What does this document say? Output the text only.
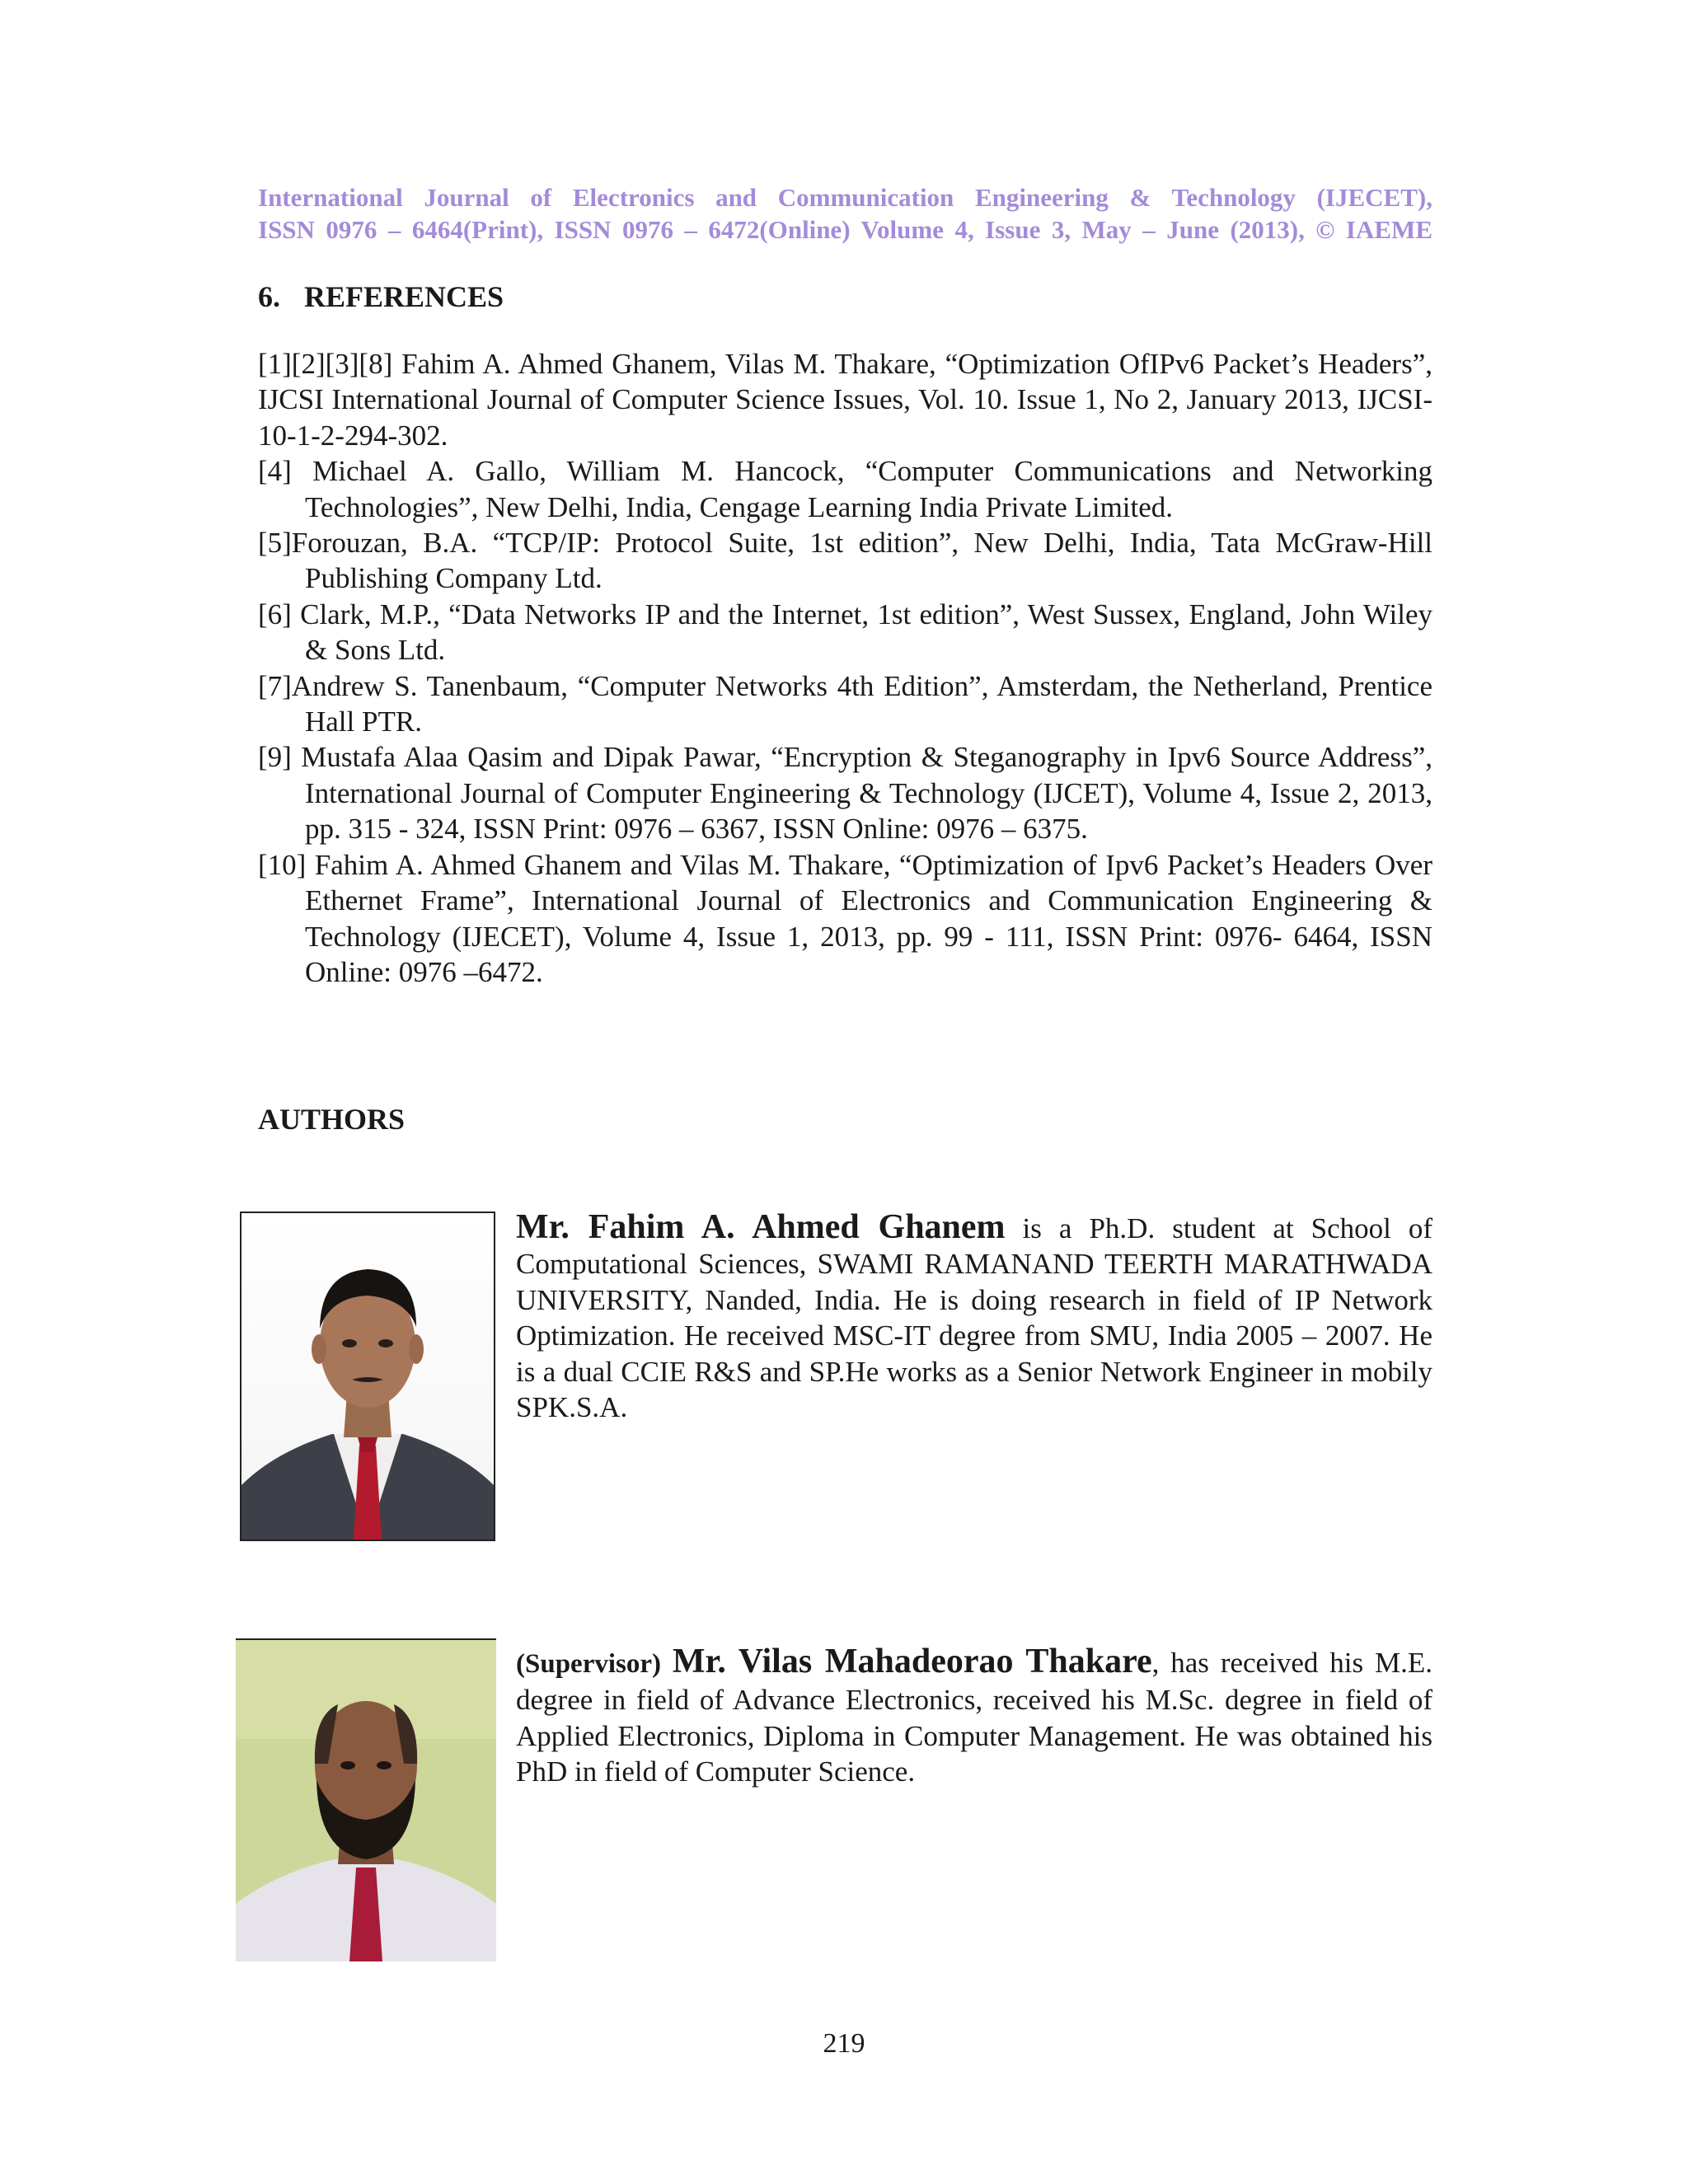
International Journal of Electronics and Communication Engineering & Technology (IJECET),
ISSN 0976 – 6464(Print), ISSN 0976 – 6472(Online) Volume 4, Issue 3, May – June (2013), © IAEME
6. REFERENCES
[1][2][3][8] Fahim A. Ahmed Ghanem, Vilas M. Thakare, “Optimization OfIPv6 Packet’s Headers”, IJCSI International Journal of Computer Science Issues, Vol. 10. Issue 1, No 2, January 2013, IJCSI-10-1-2-294-302.
[4] Michael A. Gallo, William M. Hancock, “Computer Communications and Networking Technologies”, New Delhi, India, Cengage Learning India Private Limited.
[5]Forouzan, B.A. “TCP/IP: Protocol Suite, 1st edition”, New Delhi, India, Tata McGraw-Hill Publishing Company Ltd.
[6] Clark, M.P., “Data Networks IP and the Internet, 1st edition”, West Sussex, England, John Wiley & Sons Ltd.
[7]Andrew S. Tanenbaum, “Computer Networks 4th Edition”, Amsterdam, the Netherland, Prentice Hall PTR.
[9] Mustafa Alaa Qasim and Dipak Pawar, “Encryption & Steganography in Ipv6 Source Address”, International Journal of Computer Engineering & Technology (IJCET), Volume 4, Issue 2, 2013, pp. 315 - 324, ISSN Print: 0976 – 6367, ISSN Online: 0976 – 6375.
[10] Fahim A. Ahmed Ghanem and Vilas M. Thakare, “Optimization of Ipv6 Packet’s Headers Over Ethernet Frame”, International Journal of Electronics and Communication Engineering & Technology (IJECET), Volume 4, Issue 1, 2013, pp. 99 - 111, ISSN Print: 0976- 6464, ISSN Online: 0976 –6472.
AUTHORS
Mr. Fahim A. Ahmed Ghanem is a Ph.D. student at School of Computational Sciences, SWAMI RAMANAND TEERTH MARATHWADA UNIVERSITY, Nanded, India. He is doing research in field of IP Network Optimization. He received MSC-IT degree from SMU, India 2005 – 2007. He is a dual CCIE R&S and SP.He works as a Senior Network Engineer in mobily SPK.S.A.
(Supervisor) Mr. Vilas Mahadeorao Thakare, has received his M.E. degree in field of Advance Electronics, received his M.Sc. degree in field of Applied Electronics, Diploma in Computer Management. He was obtained his PhD in field of Computer Science.
219
